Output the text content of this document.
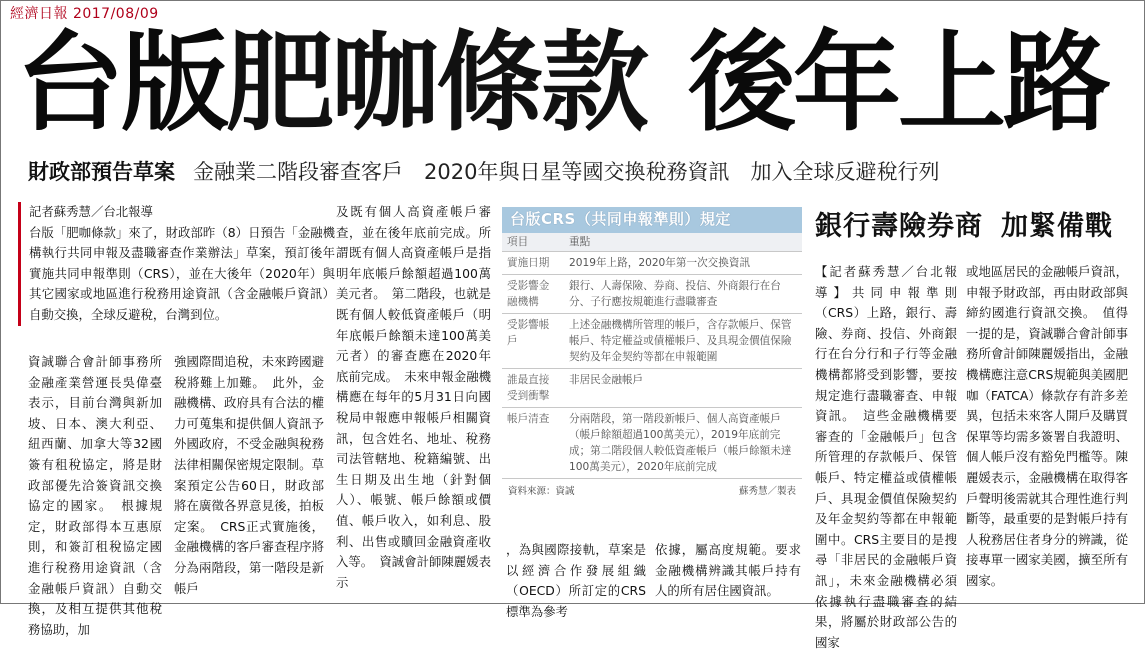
經濟日報 2017/08/09
台版肥咖條款 後年上路
財政部預告草案 金融業二階段審查客戶　2020年與日星等國交換稅務資訊　加入全球反避稅行列

記者蘇秀慧／台北報導

台版「肥咖條款」來了，財政部昨（8）日預告「金融機構執行共同申報及盡職審查作業辦法」草案，預訂後年實施共同申報準則（CRS），並在大後年（2020年）與其它國家或地區進行稅務用途資訊（含金融帳戶資訊）自動交換，全球反避稅，台灣到位。

資誠聯合會計師事務所金融產業營運長吳偉臺表示，目前台灣與新加坡、日本、澳大利亞、紐西蘭、加拿大等32國簽有租稅協定，將是財政部優先洽簽資訊交換協定的國家。　根據規定，財政部得本互惠原則，和簽訂租稅協定國進行稅務用途資訊（含金融帳戶資訊）自動交換，及相互提供其他稅務協助，加

強國際間追稅，未來跨國避稅將難上加難。　此外，金融機構、政府具有合法的權力可蒐集和提供個人資訊予外國政府，不受金融與稅務法律相關保密規定限制。草案預定公告60日，財政部將在廣徵各界意見後，拍板定案。　CRS正式實施後，金融機構的客戶審查程序將分為兩階段，第一階段是新帳戶

及既有個人高資產帳戶審查，並在後年底前完成。所謂既有個人高資產帳戶是指明年底帳戶餘額超過100萬美元者。　第二階段，也就是既有個人較低資產帳戶（明年底帳戶餘額未達100萬美元者）的審查應在2020年底前完成。　未來申報金融機構應在每年的5月31日向國稅局申報應申報帳戶相關資訊，包含姓名、地址、稅務司法管轄地、稅籍編號、出生日期及出生地（針對個人）、帳號、帳戶餘額或價值、帳戶收入，如利息、股利、出售或贖回金融資產收入等。　資誠會計師陳麗媛表示

台版CRS（共同申報準則）規定
項目	重點
實施日期	2019年上路，2020年第一次交換資訊
受影響金融機構	銀行、人壽保險、券商、投信、外商銀行在台分、子行應按規範進行盡職審查
受影響帳戶	上述金融機構所管理的帳戶，含存款帳戶、保管帳戶、特定權益或債權帳戶、及具現金價值保險契約及年金契約等都在申報範圍
誰最直接受到衝擊	非居民金融帳戶
帳戶清查	分兩階段，第一階段新帳戶、個人高資產帳戶（帳戶餘額超過100萬美元），2019年底前完成；第二階段個人較低資產帳戶（帳戶餘額未達100萬美元），2020年底前完成
資料來源：資誠	蘇秀慧／製表

，為與國際接軌，草案是以經濟合作發展組織（OECD）所訂定的CRS標準為參考

依據，屬高度規範。要求金融機構辨識其帳戶持有人的所有居住國資訊。

銀行壽險券商 加緊備戰

【記者蘇秀慧／台北報導】共同申報準則（CRS）上路，銀行、壽險、券商、投信、外商銀行在台分行和子行等金融機構都將受到影響，要按規定進行盡職審查、申報資訊。　這些金融機構要審查的「金融帳戶」包含所管理的存款帳戶、保管帳戶、特定權益或債權帳戶、具現金價值保險契約及年金契約等都在申報範圍中。CRS主要目的是搜尋「非居民的金融帳戶資訊」，未來金融機構必須依據執行盡職審查的結果，將屬於財政部公告的國家

或地區居民的金融帳戶資訊，申報予財政部，再由財政部與締約國進行資訊交換。　值得一提的是，資誠聯合會計師事務所會計師陳麗媛指出，金融機構應注意CRS規範與美國肥咖（FATCA）條款存有許多差異，包括未來客人開戶及購買保單等均需多簽署自我證明、個人帳戶沒有豁免門檻等。陳麗媛表示，金融機構在取得客戶聲明後需就其合理性進行判斷等，最重要的是對帳戶持有人稅務居住者身分的辨識，從接專單一國家美國，擴至所有國家。
